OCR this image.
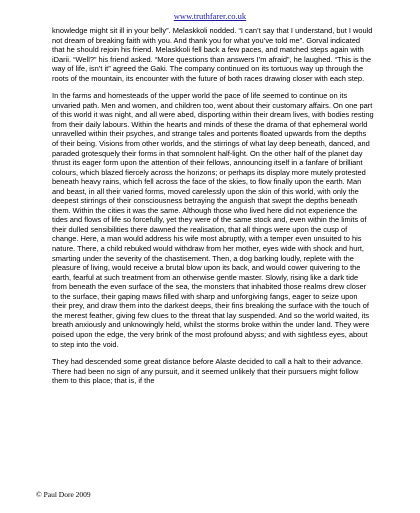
www.truthfarer.co.uk

knowledge might sit ill in your belly”. Melaskkoli nodded. “I can’t say that I understand, but I would not dream of breaking faith with you. And thank you for what you’ve told me”. Gorval indicated that he should rejoin his friend. Melaskkoli fell back a few paces, and matched steps again with iDarii. “Well?” his friend asked. “More questions than answers I’m afraid”, he laughed. “This is the way of life, isn’t it” agreed the Gaki. The company continued on its tortuous way up through the roots of the mountain, its encounter with the future of both races drawing closer with each step.

In the farms and homesteads of the upper world the pace of life seemed to continue on its unvaried path. Men and women, and children too, went about their customary affairs. On one part of this world it was night, and all were abed, disporting within their dream lives, with bodies resting from their daily labours. Within the hearts and minds of these the drama of that ephemeral world unravelled within their psyches, and strange tales and portents floated upwards from the depths of their being. Visions from other worlds, and the stirrings of what lay deep beneath, danced, and paraded grotesquely their forms in that somnolent half-light. On the other half of the planet day thrust its eager form upon the attention of their fellows, announcing itself in a fanfare of brilliant colours, which blazed fiercely across the horizons; or perhaps its display more mutely protested beneath heavy rains, which fell across the face of the skies, to flow finally upon the earth. Man and beast, in all their varied forms, moved carelessly upon the skin of this world, with only the deepest stirrings of their consciousness betraying the anguish that swept the depths beneath them. Within the cities it was the same. Although those who lived here did not experience the tides and flows of life so forcefully, yet they were of the same stock and, even within the limits of their dulled sensibilities there dawned the realisation, that all things were upon the cusp of change. Here, a man would address his wife most abruptly, with a temper even unsuited to his nature. There, a child rebuked would withdraw from her mother, eyes wide with shock and hurt, smarting under the severity of the chastisement. Then, a dog barking loudly, replete with the pleasure of living, would receive a brutal blow upon its back, and would cower quivering to the earth, fearful at such treatment from an otherwise gentle master. Slowly, rising like a dark tide from beneath the even surface of the sea, the monsters that inhabited those realms drew closer to the surface, their gaping maws filled with sharp and unforgiving fangs, eager to seize upon their prey, and draw them into the darkest deeps, their fins breaking the surface with the touch of the merest feather, giving few clues to the threat that lay suspended. And so the world waited, its breath anxiously and unknowingly held, whilst the storms broke within the under land. They were poised upon the edge, the very brink of the most profound abyss; and with sightless eyes, about to step into the void.

They had descended some great distance before Alaste decided to call a halt to their advance. There had been no sign of any pursuit, and it seemed unlikely that their pursuers might follow them to this place; that is, if the

© Paul Dore 2009
